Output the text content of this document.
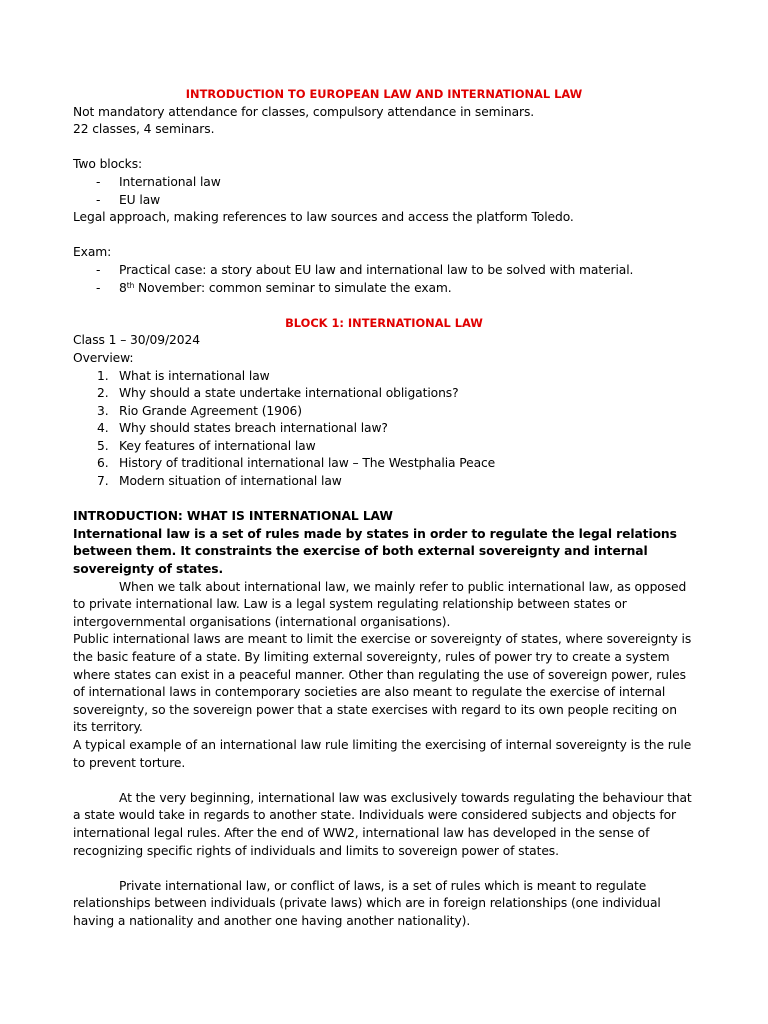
INTRODUCTION TO EUROPEAN LAW AND INTERNATIONAL LAW

Not mandatory attendance for classes, compulsory attendance in seminars.

22 classes, 4 seminars.

Two blocks:

- International law
- EU law

Legal approach, making references to law sources and access the platform Toledo.

Exam:

- Practical case: a story about EU law and international law to be solved with material.
- 8th November: common seminar to simulate the exam.

BLOCK 1: INTERNATIONAL LAW

Class 1 – 30/09/2024

Overview:

1. What is international law
2. Why should a state undertake international obligations?
3. Rio Grande Agreement (1906)
4. Why should states breach international law?
5. Key features of international law
6. History of traditional international law – The Westphalia Peace
7. Modern situation of international law

INTRODUCTION: WHAT IS INTERNATIONAL LAW

International law is a set of rules made by states in order to regulate the legal relations between them. It constraints the exercise of both external sovereignty and internal sovereignty of states.

When we talk about international law, we mainly refer to public international law, as opposed to private international law. Law is a legal system regulating relationship between states or intergovernmental organisations (international organisations).

Public international laws are meant to limit the exercise or sovereignty of states, where sovereignty is the basic feature of a state. By limiting external sovereignty, rules of power try to create a system where states can exist in a peaceful manner. Other than regulating the use of sovereign power, rules of international laws in contemporary societies are also meant to regulate the exercise of internal sovereignty, so the sovereign power that a state exercises with regard to its own people reciting on its territory.

A typical example of an international law rule limiting the exercising of internal sovereignty is the rule to prevent torture.

At the very beginning, international law was exclusively towards regulating the behaviour that a state would take in regards to another state. Individuals were considered subjects and objects for international legal rules. After the end of WW2, international law has developed in the sense of recognizing specific rights of individuals and limits to sovereign power of states.

Private international law, or conflict of laws, is a set of rules which is meant to regulate relationships between individuals (private laws) which are in foreign relationships (one individual having a nationality and another one having another nationality).
